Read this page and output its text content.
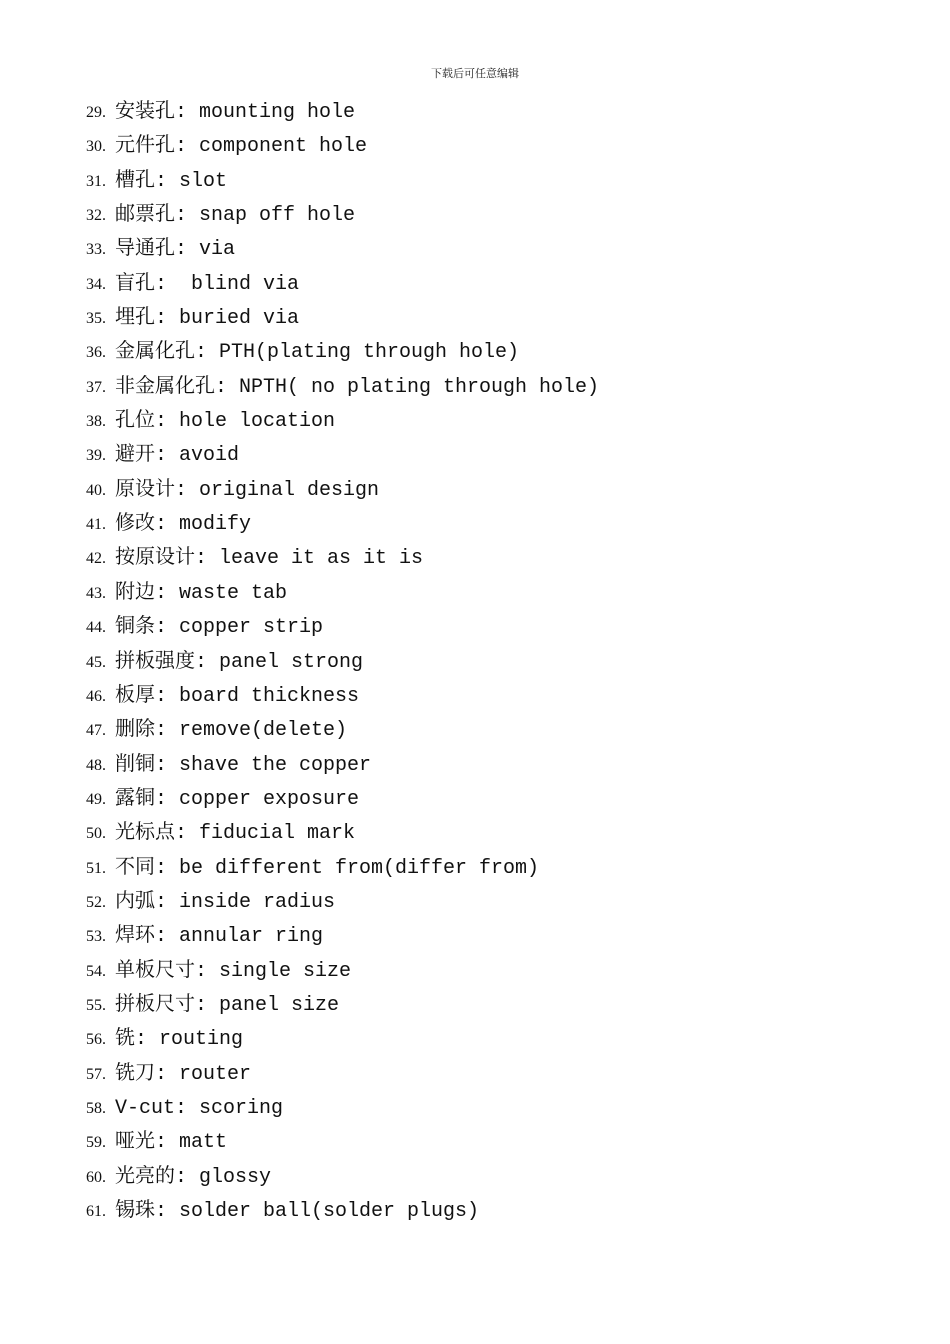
下载后可任意编辑
29. 安装孔: mounting hole
30. 元件孔: component hole
31. 槽孔: slot
32. 邮票孔: snap off hole
33. 导通孔: via
34. 盲孔:  blind via
35. 埋孔: buried via
36. 金属化孔: PTH(plating through hole)
37. 非金属化孔: NPTH( no plating through hole)
38. 孔位: hole location
39. 避开: avoid
40. 原设计: original design
41. 修改: modify
42. 按原设计: leave it as it is
43. 附边: waste tab
44. 铜条: copper strip
45. 拼板强度: panel strong
46. 板厚: board thickness
47. 删除: remove(delete)
48. 削铜: shave the copper
49. 露铜: copper exposure
50. 光标点: fiducial mark
51. 不同: be different from(differ from)
52. 内弧: inside radius
53. 焊环: annular ring
54. 单板尺寸: single size
55. 拼板尺寸: panel size
56. 铣: routing
57. 铣刀: router
58. V-cut: scoring
59. 哑光: matt
60. 光亮的: glossy
61. 锡珠: solder ball(solder plugs)
